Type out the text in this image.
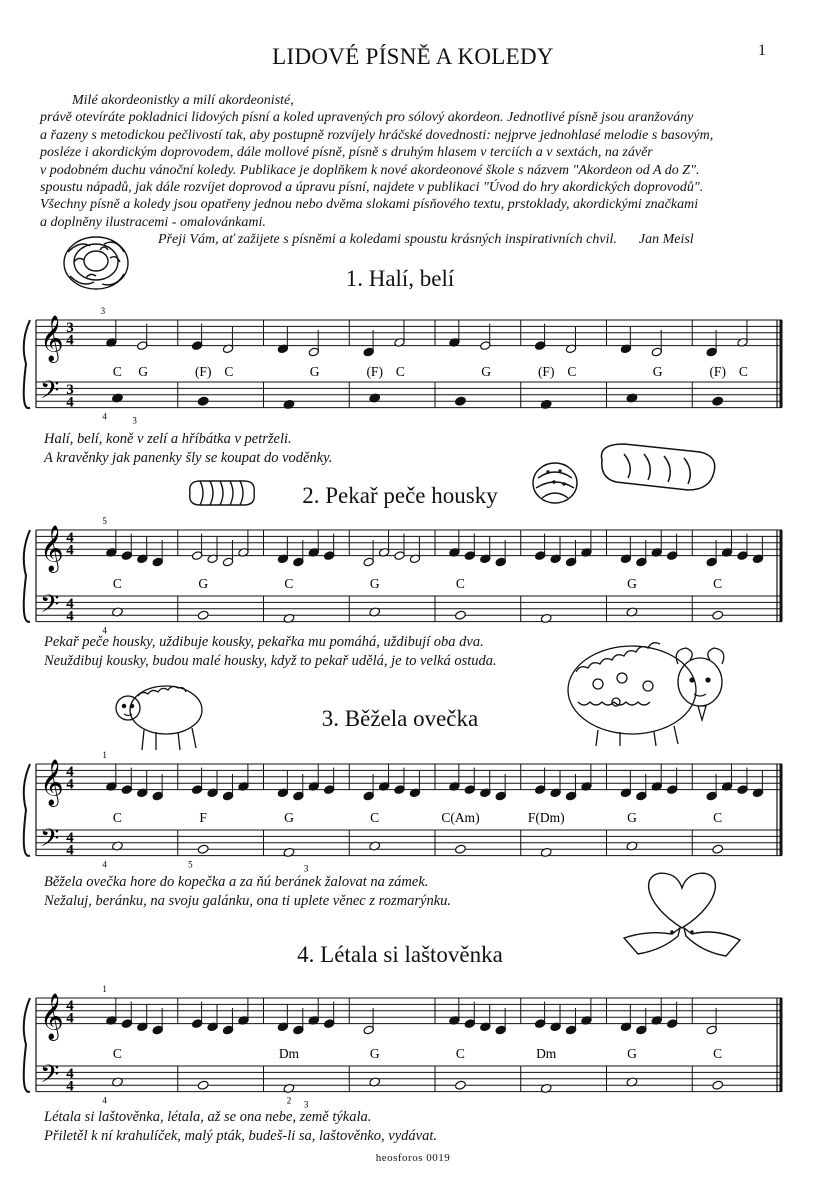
LIDOVÉ PÍSNĚ A KOLEDY	1

Milé akordeonistky a milí akordeonisté,

právě otevíráte pokladnici lidových písní a koled upravených pro sólový akordeon. Jednotlivé písně jsou aranžovány

a řazeny s metodickou pečlivostí tak, aby postupně rozvíjely hráčské dovednosti: nejprve jednohlasé melodie s basovým,

posléze i akordickým doprovodem, dále mollové písně, písně s druhým hlasem v terciích a v sextách, na závěr

v podobném duchu vánoční koledy. Publikace je doplňkem k nové akordeonové škole s názvem "Akordeon od A do Z".

spoustu nápadů, jak dále rozvíjet doprovod a úpravu písní, najdete v publikaci "Úvod do hry akordických doprovodů".

Všechny písně a koledy jsou opatřeny jednou nebo dvěma slokami písňového textu, prstoklady, akordickými značkami

a doplněny ilustracemi - omalovánkami.

Přeji Vám, ať zažijete s písněmi a koledami spoustu krásných inspirativních chvil. Jan Meisl

1. Halí, belí
2. Pekař peče housky
3. Běžela ovečka
4. Létala si laštověnka
𝄞
𝄢
3
4
3
4
C G	(F) C	G	(F) C	G	(F) C	G	(F) C
3
4	3
𝄞
𝄢
4
4
4
4
C	G	C	G	C	G	C
5
4
𝄞
𝄢
4
4
4
4
C	F	G	C	C(Am)	F(Dm)	G	C
1
4	5	3
𝄞
𝄢
4
4
4
4
C	Dm	G	C	Dm	G	C
1
4	2 3

Halí, belí, koně v zelí a hříbátka v petrželi.

A kravěnky jak panenky šly se koupat do voděnky.

Pekař peče housky, uždibuje kousky, pekařka mu pomáhá, uždibují oba dva.

Neuždibuj kousky, budou malé housky, když to pekař udělá, je to velká ostuda.

Běžela ovečka hore do kopečka a za ňú beránek žalovat na zámek.

Nežaluj, beránku, na svoju galánku, ona ti uplete věnec z rozmarýnku.

Létala si laštověnka, létala, až se ona nebe, země týkala.

Přiletěl k ní krahulíček, malý pták, budeš-li sa, laštověnko, vydávat.

heosforos 0019
